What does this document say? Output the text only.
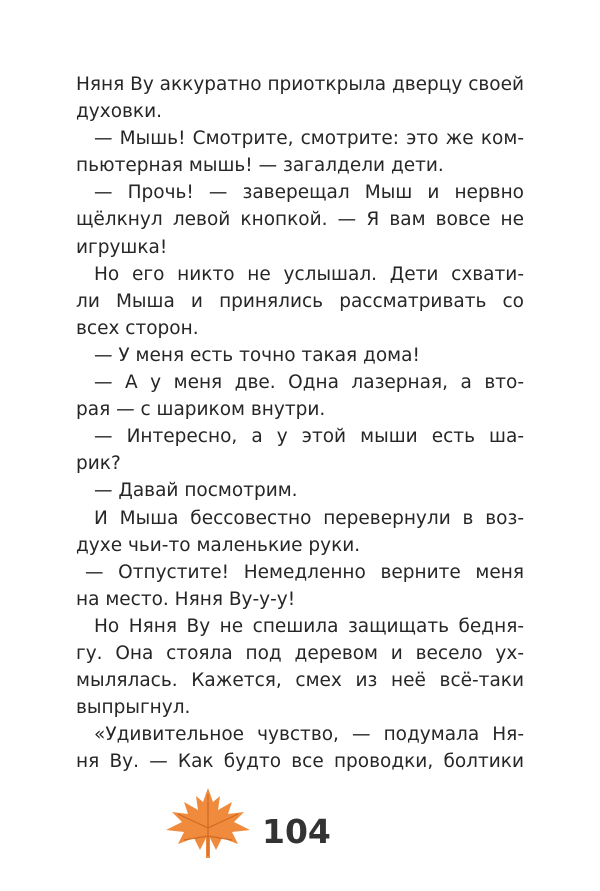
Няня Ву аккуратно приоткрыла дверцу своей
духовки.
— Мышь! Смотрите, смотрите: это же ком-
пьютерная мышь! — загалдели дети.
— Прочь! — заверещал Мыш и нервно
щёлкнул левой кнопкой. — Я вам вовсе не
игрушка!
Но его никто не услышал. Дети схвати-
ли Мыша и принялись рассматривать со
всех сторон.
— У меня есть точно такая дома!
— А у меня две. Одна лазерная, а вто-
рая — с шариком внутри.
— Интересно, а у этой мыши есть ша-
рик?
— Давай посмотрим.
И Мыша бессовестно перевернули в воз-
духе чьи-то маленькие руки.
— Отпустите! Немедленно верните меня
на место. Няня Ву-у-у!
Но Няня Ву не спешила защищать бедня-
гу. Она стояла под деревом и весело ух-
мылялась. Кажется, смех из неё всё-таки
выпрыгнул.
«Удивительное чувство, — подумала Ня-
ня Ву. — Как будто все проводки, болтики
104
